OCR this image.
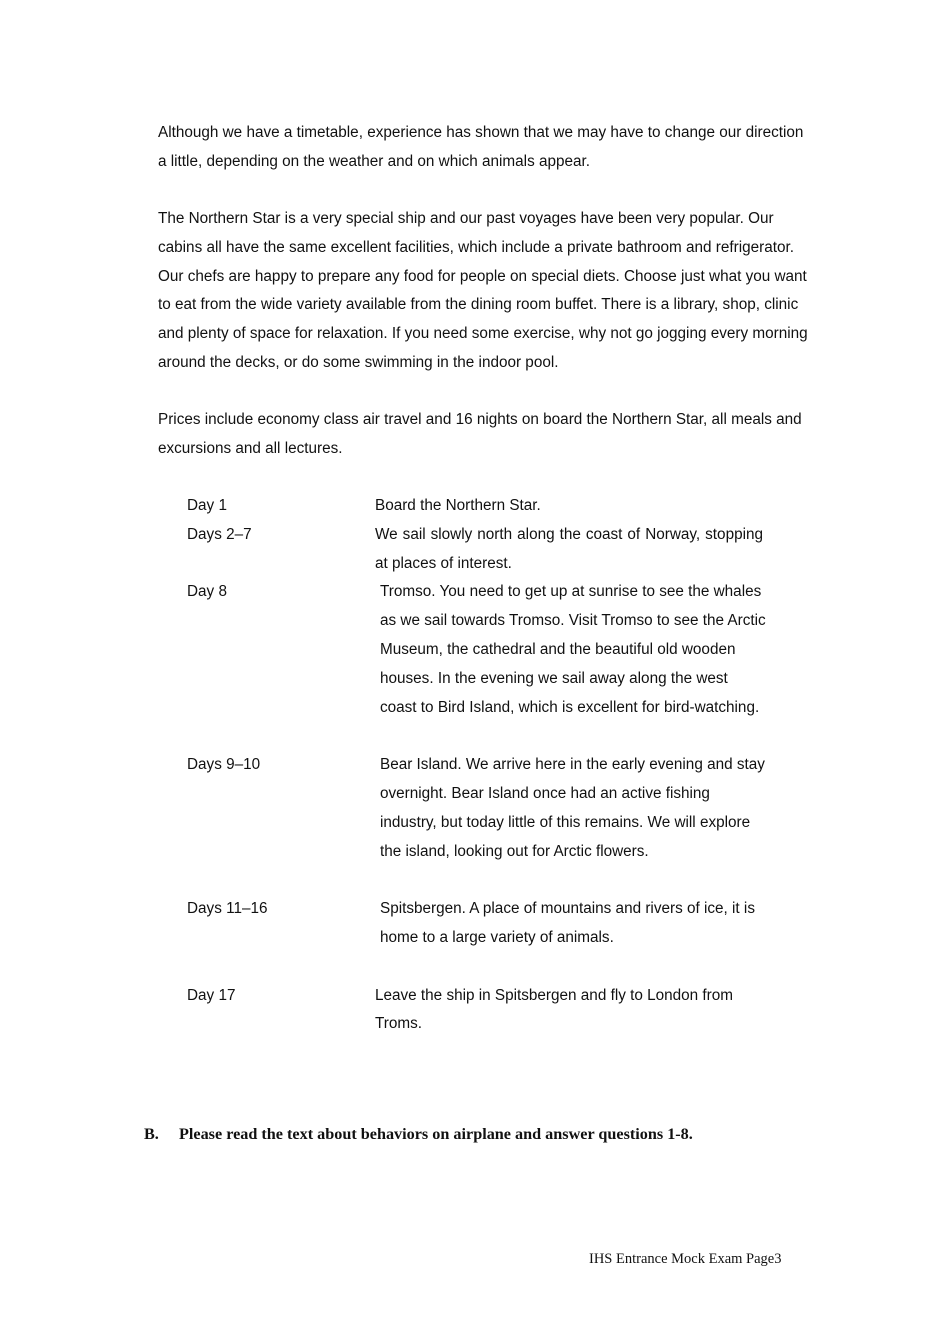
Although we have a timetable, experience has shown that we may have to change our direction a little, depending on the weather and on which animals appear.

The Northern Star is a very special ship and our past voyages have been very popular. Our cabins all have the same excellent facilities, which include a private bathroom and refrigerator. Our chefs are happy to prepare any food for people on special diets. Choose just what you want to eat from the wide variety available from the dining room buffet. There is a library, shop, clinic and plenty of space for relaxation. If you need some exercise, why not go jogging every morning around the decks, or do some swimming in the indoor pool.

Prices include economy class air travel and 16 nights on board the Northern Star, all meals and excursions and all lectures.

Day 1	Board the Northern Star.
Days 2–7	We sail slowly north along the coast of Norway, stopping at places of interest.
Day 8	Tromso. You need to get up at sunrise to see the whales as we sail towards Tromso. Visit Tromso to see the Arctic Museum, the cathedral and the beautiful old wooden houses. In the evening we sail away along the west coast to Bird Island, which is excellent for bird-watching.
Days 9–10	Bear Island. We arrive here in the early evening and stay overnight. Bear Island once had an active fishing industry, but today little of this remains. We will explore the island, looking out for Arctic flowers.
Days 11–16	Spitsbergen. A place of mountains and rivers of ice, it is home to a large variety of animals.
Day 17	Leave the ship in Spitsbergen and fly to London from Troms.
B. Please read the text about behaviors on airplane and answer questions 1-8.
IHS Entrance Mock Exam Page3
